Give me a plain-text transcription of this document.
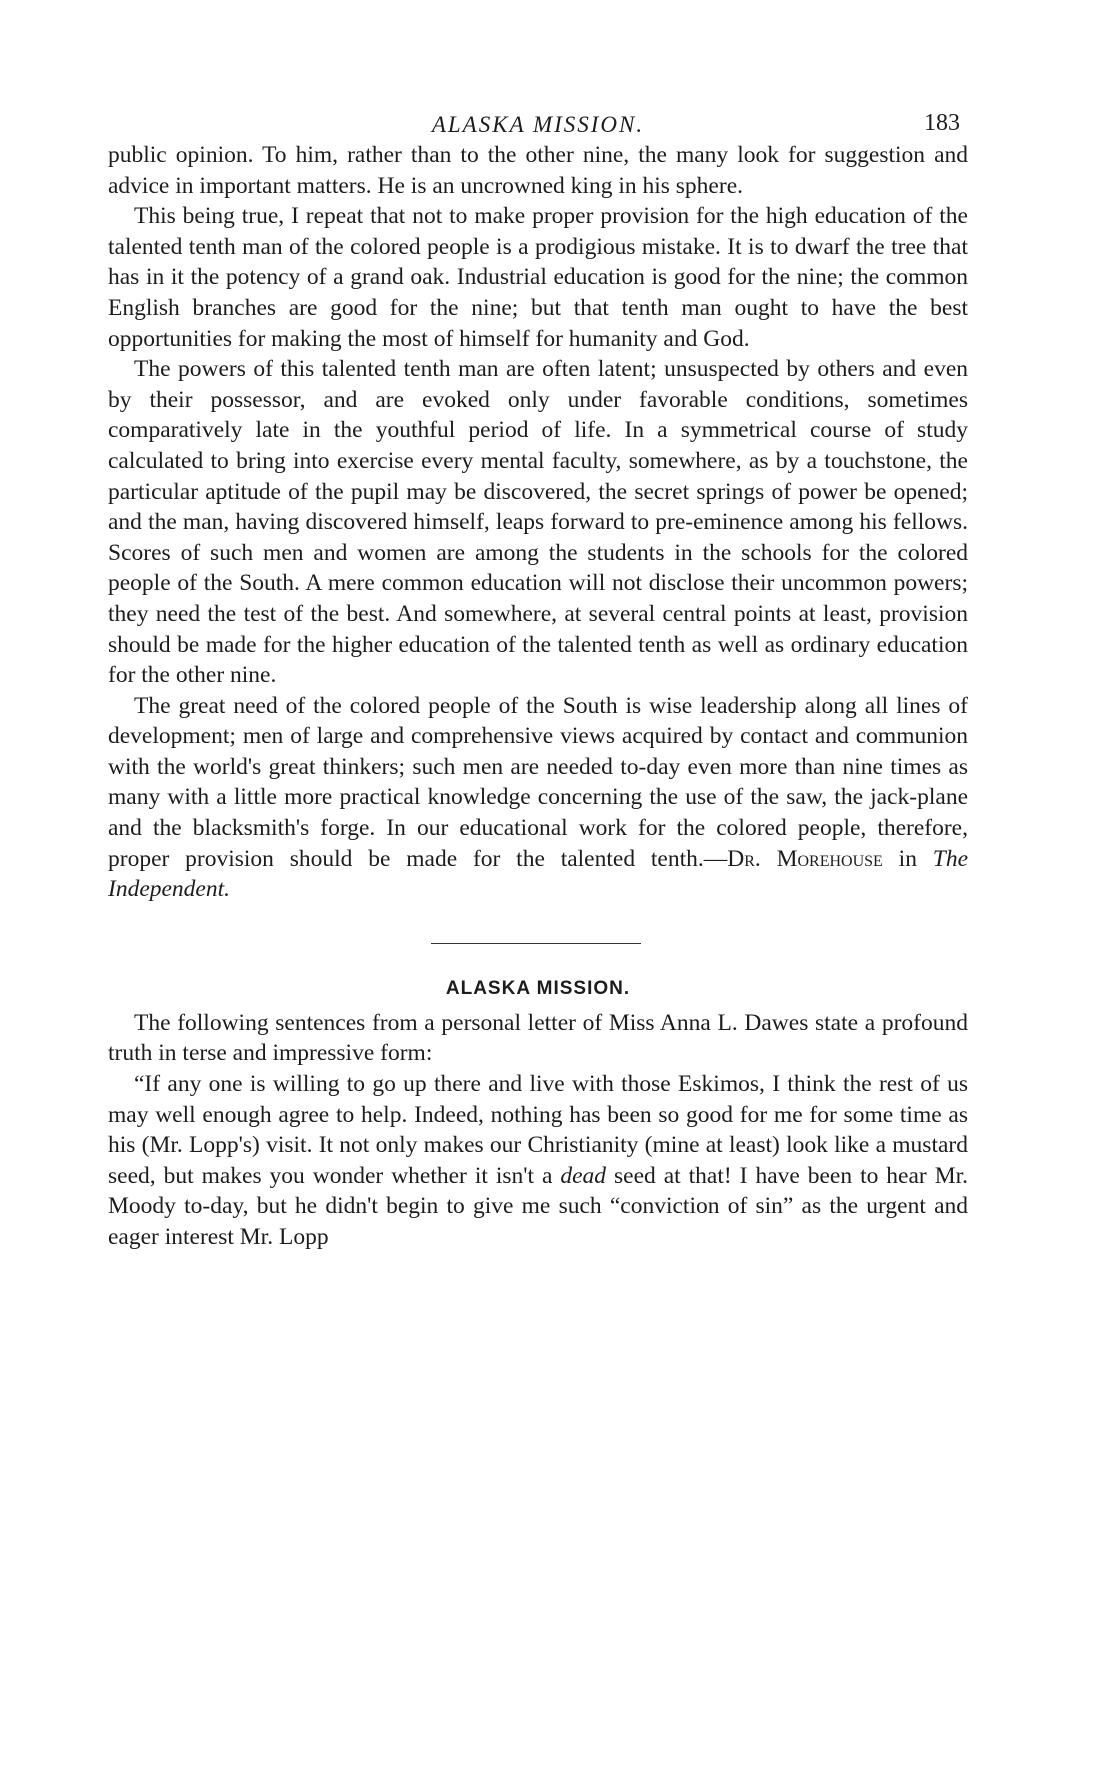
ALASKA MISSION.	183

public opinion. To him, rather than to the other nine, the many look for suggestion and advice in important matters. He is an uncrowned king in his sphere.

This being true, I repeat that not to make proper provision for the high education of the talented tenth man of the colored people is a prodigious mistake. It is to dwarf the tree that has in it the potency of a grand oak. Industrial education is good for the nine; the common English branches are good for the nine; but that tenth man ought to have the best opportunities for making the most of himself for humanity and God.

The powers of this talented tenth man are often latent; unsuspected by others and even by their possessor, and are evoked only under favorable conditions, sometimes comparatively late in the youthful period of life. In a symmetrical course of study calculated to bring into exercise every mental faculty, somewhere, as by a touchstone, the particular aptitude of the pupil may be discovered, the secret springs of power be opened; and the man, having discovered himself, leaps forward to pre-eminence among his fellows. Scores of such men and women are among the students in the schools for the colored people of the South. A mere common education will not disclose their uncommon powers; they need the test of the best. And somewhere, at several central points at least, provision should be made for the higher education of the talented tenth as well as ordinary education for the other nine.

The great need of the colored people of the South is wise leadership along all lines of development; men of large and comprehensive views acquired by contact and communion with the world's great thinkers; such men are needed to-day even more than nine times as many with a little more practical knowledge concerning the use of the saw, the jack-plane and the blacksmith's forge. In our educational work for the colored people, therefore, proper provision should be made for the talented tenth.—Dr. Morehouse in The Independent.

ALASKA MISSION.

The following sentences from a personal letter of Miss Anna L. Dawes state a profound truth in terse and impressive form:

“If any one is willing to go up there and live with those Eskimos, I think the rest of us may well enough agree to help. Indeed, nothing has been so good for me for some time as his (Mr. Lopp's) visit. It not only makes our Christianity (mine at least) look like a mustard seed, but makes you wonder whether it isn't a dead seed at that! I have been to hear Mr. Moody to-day, but he didn't begin to give me such “conviction of sin” as the urgent and eager interest Mr. Lopp
